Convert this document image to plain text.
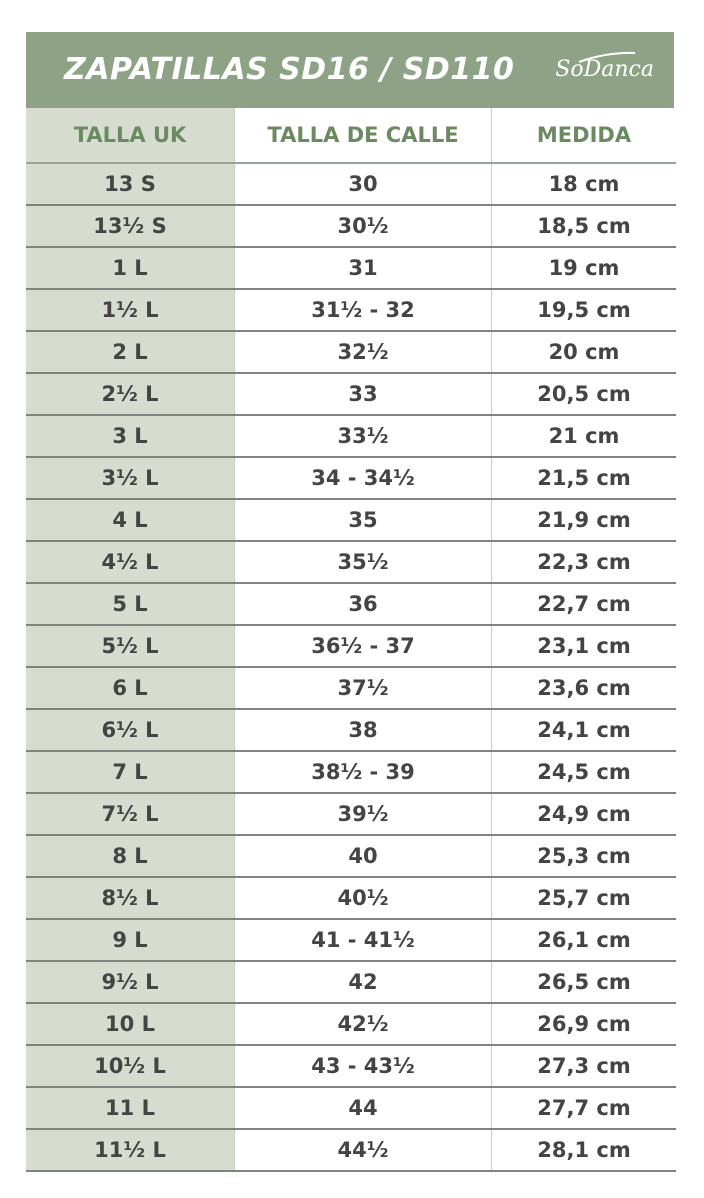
ZAPATILLAS SD16 / SD110 SoDanca
TALLA UK	TALLA DE CALLE	MEDIDA
13 S	30	18 cm
13½ S	30½	18,5 cm
1 L	31	19 cm
1½ L	31½ - 32	19,5 cm
2 L	32½	20 cm
2½ L	33	20,5 cm
3 L	33½	21 cm
3½ L	34 - 34½	21,5 cm
4 L	35	21,9 cm
4½ L	35½	22,3 cm
5 L	36	22,7 cm
5½ L	36½ - 37	23,1 cm
6 L	37½	23,6 cm
6½ L	38	24,1 cm
7 L	38½ - 39	24,5 cm
7½ L	39½	24,9 cm
8 L	40	25,3 cm
8½ L	40½	25,7 cm
9 L	41 - 41½	26,1 cm
9½ L	42	26,5 cm
10 L	42½	26,9 cm
10½ L	43 - 43½	27,3 cm
11 L	44	27,7 cm
11½ L	44½	28,1 cm
